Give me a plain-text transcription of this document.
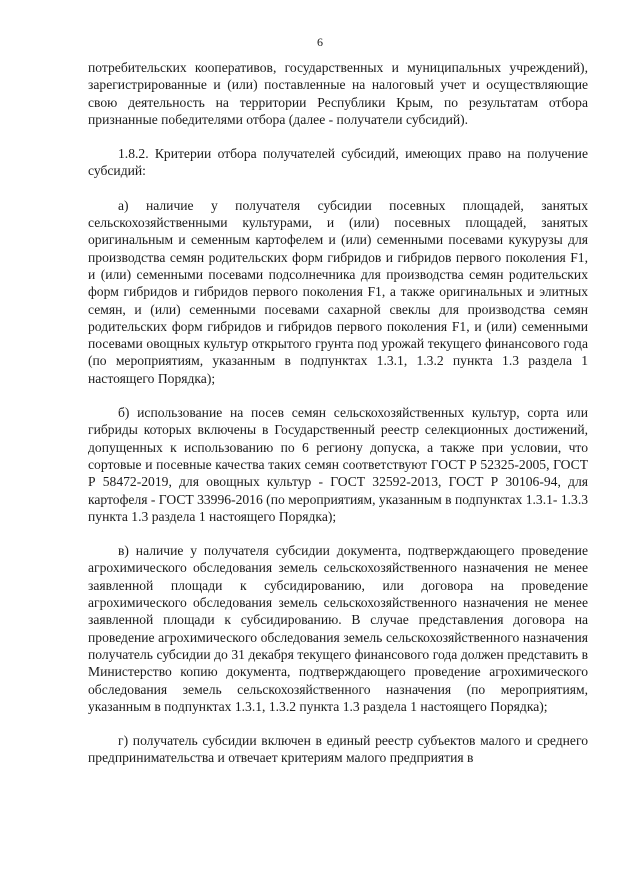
6

потребительских кооперативов, государственных и муниципальных учреждений), зарегистрированные и (или) поставленные на налоговый учет и осуществляющие свою деятельность на территории Республики Крым, по результатам отбора признанные победителями отбора (далее - получатели субсидий).

1.8.2. Критерии отбора получателей субсидий, имеющих право на получение субсидий:

а) наличие у получателя субсидии посевных площадей, занятых сельскохозяйственными культурами, и (или) посевных площадей, занятых оригинальным и семенным картофелем и (или) семенными посевами кукурузы для производства семян родительских форм гибридов и гибридов первого поколения F1, и (или) семенными посевами подсолнечника для производства семян родительских форм гибридов и гибридов первого поколения F1, а также оригинальных и элитных семян, и (или) семенными посевами сахарной свеклы для производства семян родительских форм гибридов и гибридов первого поколения F1, и (или) семенными посевами овощных культур открытого грунта под урожай текущего финансового года (по мероприятиям, указанным в подпунктах 1.3.1, 1.3.2 пункта 1.3 раздела 1 настоящего Порядка);

б) использование на посев семян сельскохозяйственных культур, сорта или гибриды которых включены в Государственный реестр селекционных достижений, допущенных к использованию по 6 региону допуска, а также при условии, что сортовые и посевные качества таких семян соответствуют ГОСТ Р 52325-2005, ГОСТ Р 58472-2019, для овощных культур - ГОСТ 32592-2013, ГОСТ Р 30106-94, для картофеля - ГОСТ 33996-2016 (по мероприятиям, указанным в подпунктах 1.3.1- 1.3.3 пункта 1.3 раздела 1 настоящего Порядка);

в) наличие у получателя субсидии документа, подтверждающего проведение агрохимического обследования земель сельскохозяйственного назначения не менее заявленной площади к субсидированию, или договора на проведение агрохимического обследования земель сельскохозяйственного назначения не менее заявленной площади к субсидированию. В случае представления договора на проведение агрохимического обследования земель сельскохозяйственного назначения получатель субсидии до 31 декабря текущего финансового года должен представить в Министерство копию документа, подтверждающего проведение агрохимического обследования земель сельскохозяйственного назначения (по мероприятиям, указанным в подпунктах 1.3.1, 1.3.2 пункта 1.3 раздела 1 настоящего Порядка);

г) получатель субсидии включен в единый реестр субъектов малого и среднего предпринимательства и отвечает критериям малого предприятия в
